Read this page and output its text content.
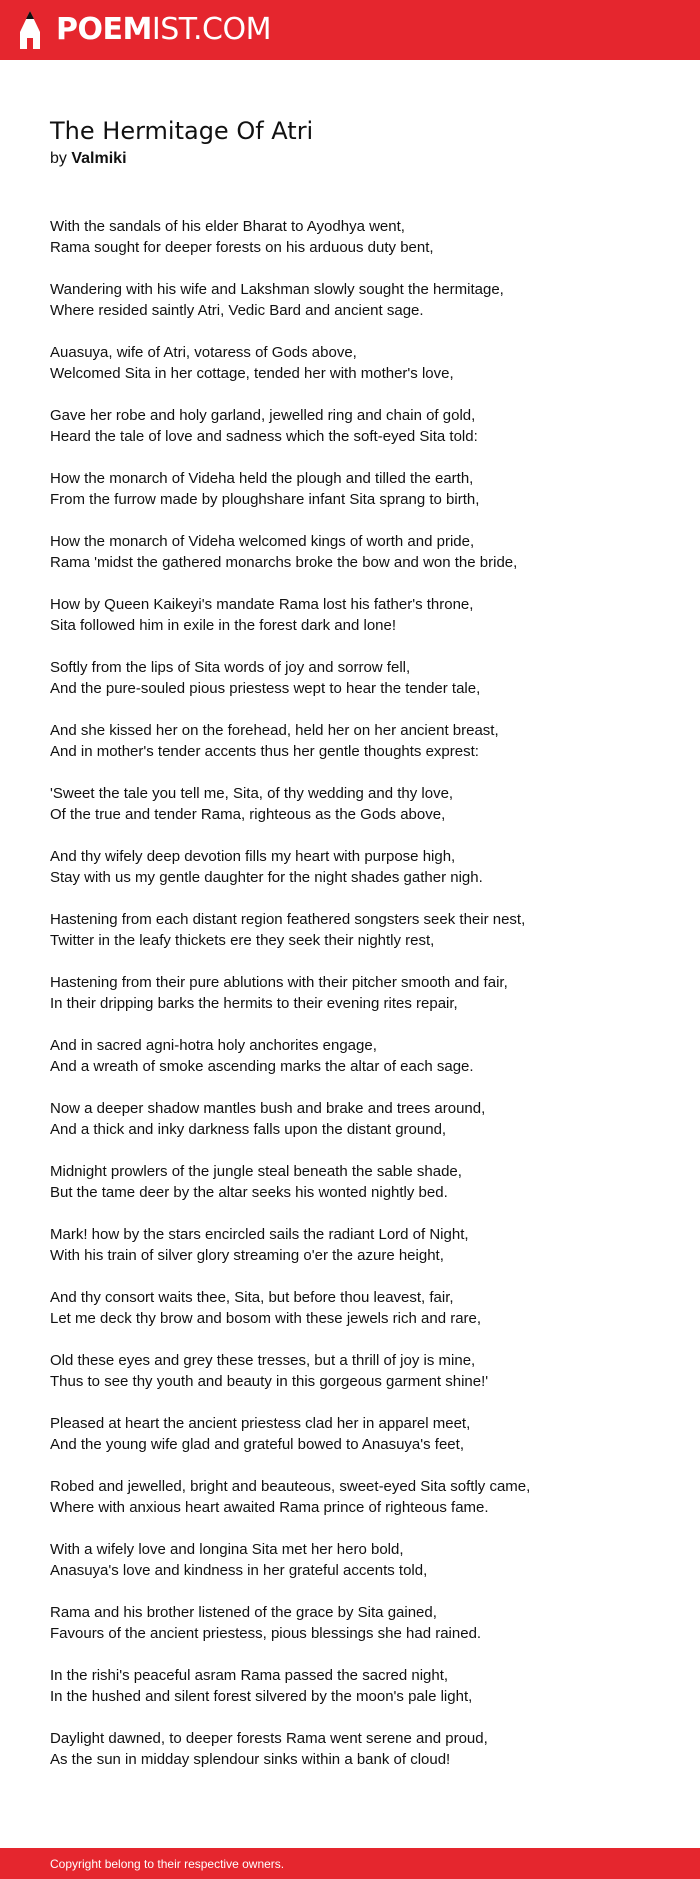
POEMIST.COM
The Hermitage Of Atri
by Valmiki

With the sandals of his elder Bharat to Ayodhya went,
Rama sought for deeper forests on his arduous duty bent,

Wandering with his wife and Lakshman slowly sought the hermitage,
Where resided saintly Atri, Vedic Bard and ancient sage.

Auasuya, wife of Atri, votaress of Gods above,
Welcomed Sita in her cottage, tended her with mother's love,

Gave her robe and holy garland, jewelled ring and chain of gold,
Heard the tale of love and sadness which the soft-eyed Sita told:

How the monarch of Videha held the plough and tilled the earth,
From the furrow made by ploughshare infant Sita sprang to birth,

How the monarch of Videha welcomed kings of worth and pride,
Rama 'midst the gathered monarchs broke the bow and won the bride,

How by Queen Kaikeyi's mandate Rama lost his father's throne,
Sita followed him in exile in the forest dark and lone!

Softly from the lips of Sita words of joy and sorrow fell,
And the pure-souled pious priestess wept to hear the tender tale,

And she kissed her on the forehead, held her on her ancient breast,
And in mother's tender accents thus her gentle thoughts exprest:

'Sweet the tale you tell me, Sita, of thy wedding and thy love,
Of the true and tender Rama, righteous as the Gods above,

And thy wifely deep devotion fills my heart with purpose high,
Stay with us my gentle daughter for the night shades gather nigh.

Hastening from each distant region feathered songsters seek their nest,
Twitter in the leafy thickets ere they seek their nightly rest,

Hastening from their pure ablutions with their pitcher smooth and fair,
In their dripping barks the hermits to their evening rites repair,

And in sacred agni-hotra holy anchorites engage,
And a wreath of smoke ascending marks the altar of each sage.

Now a deeper shadow mantles bush and brake and trees around,
And a thick and inky darkness falls upon the distant ground,

Midnight prowlers of the jungle steal beneath the sable shade,
But the tame deer by the altar seeks his wonted nightly bed.

Mark! how by the stars encircled sails the radiant Lord of Night,
With his train of silver glory streaming o'er the azure height,

And thy consort waits thee, Sita, but before thou leavest, fair,
Let me deck thy brow and bosom with these jewels rich and rare,

Old these eyes and grey these tresses, but a thrill of joy is mine,
Thus to see thy youth and beauty in this gorgeous garment shine!'

Pleased at heart the ancient priestess clad her in apparel meet,
And the young wife glad and grateful bowed to Anasuya's feet,

Robed and jewelled, bright and beauteous, sweet-eyed Sita softly came,
Where with anxious heart awaited Rama prince of righteous fame.

With a wifely love and longina Sita met her hero bold,
Anasuya's love and kindness in her grateful accents told,

Rama and his brother listened of the grace by Sita gained,
Favours of the ancient priestess, pious blessings she had rained.

In the rishi's peaceful asram Rama passed the sacred night,
In the hushed and silent forest silvered by the moon's pale light,

Daylight dawned, to deeper forests Rama went serene and proud,
As the sun in midday splendour sinks within a bank of cloud!

Copyright belong to their respective owners.
